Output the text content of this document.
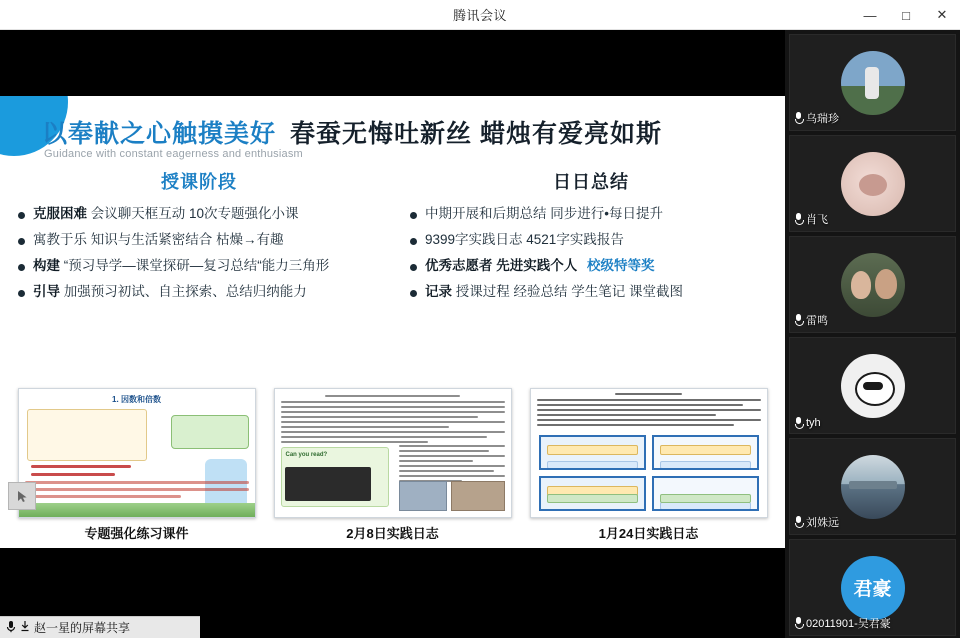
腾讯会议	—	□	✕
以奉献之心触摸美好 春蚕无悔吐新丝 蜡烛有爱亮如斯
Guidance with constant eagerness and enthusiasm
授课阶段
克服困难 会议聊天框互动 10次专题强化小课
寓教于乐 知识与生活紧密结合 枯燥→有趣
构建 “预习导学—课堂探研—复习总结“能力三角形
引导 加强预习初试、自主探索、总结归纳能力
日日总结
中期开展和后期总结 同步进行•每日提升
9399字实践日志 4521字实践报告
优秀志愿者 先进实践个人 校级特等奖
记录 授课过程 经验总结 学生笔记 课堂截图
1. 因数和倍数
专题强化练习课件
Can you read?
2月8日实践日志	1月24日实践日志
赵一星的屏幕共享
乌瑞珍
肖飞
雷鸣
tyh
刘姝远
君豪
02011901-吴君豪
